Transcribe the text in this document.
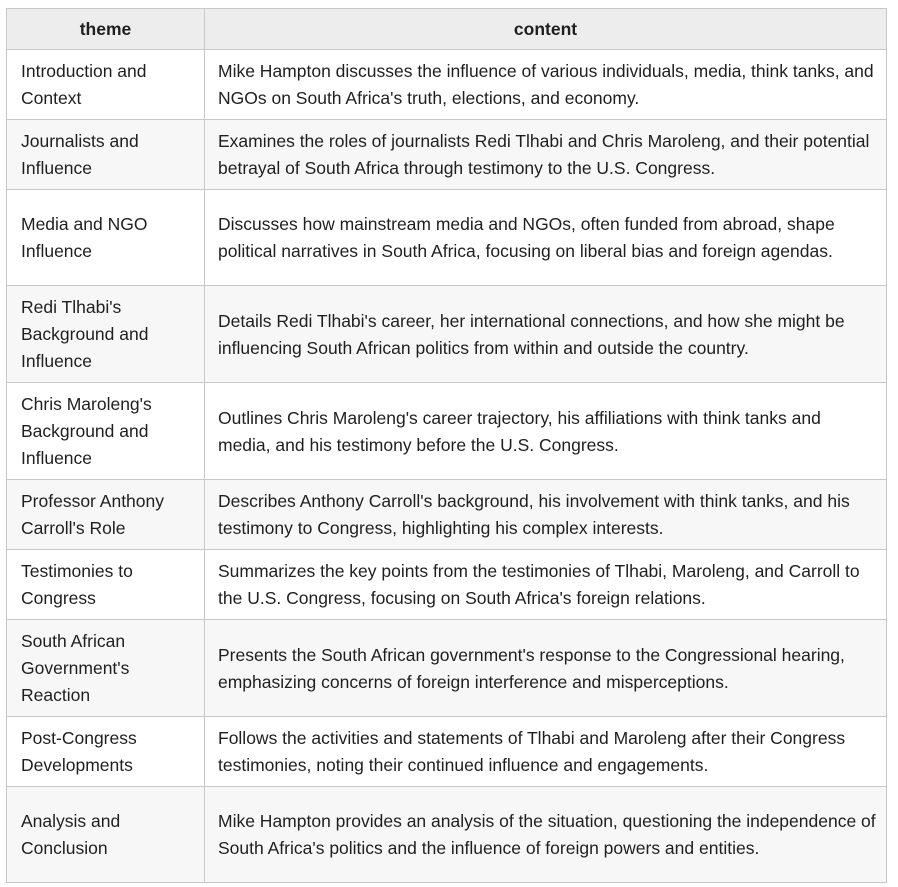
theme	content
Introduction and Context	Mike Hampton discusses the influence of various individuals, media, think tanks, and NGOs on South Africa's truth, elections, and economy.
Journalists and Influence	Examines the roles of journalists Redi Tlhabi and Chris Maroleng, and their potential betrayal of South Africa through testimony to the U.S. Congress.
Media and NGO Influence	Discusses how mainstream media and NGOs, often funded from abroad, shape political narratives in South Africa, focusing on liberal bias and foreign agendas.
Redi Tlhabi's Background and Influence	Details Redi Tlhabi's career, her international connections, and how she might be influencing South African politics from within and outside the country.
Chris Maroleng's Background and Influence	Outlines Chris Maroleng's career trajectory, his affiliations with think tanks and media, and his testimony before the U.S. Congress.
Professor Anthony Carroll's Role	Describes Anthony Carroll's background, his involvement with think tanks, and his testimony to Congress, highlighting his complex interests.
Testimonies to Congress	Summarizes the key points from the testimonies of Tlhabi, Maroleng, and Carroll to the U.S. Congress, focusing on South Africa's foreign relations.
South African Government's Reaction	Presents the South African government's response to the Congressional hearing, emphasizing concerns of foreign interference and misperceptions.
Post-Congress Developments	Follows the activities and statements of Tlhabi and Maroleng after their Congress testimonies, noting their continued influence and engagements.
Analysis and Conclusion	Mike Hampton provides an analysis of the situation, questioning the independence of South Africa's politics and the influence of foreign powers and entities.
